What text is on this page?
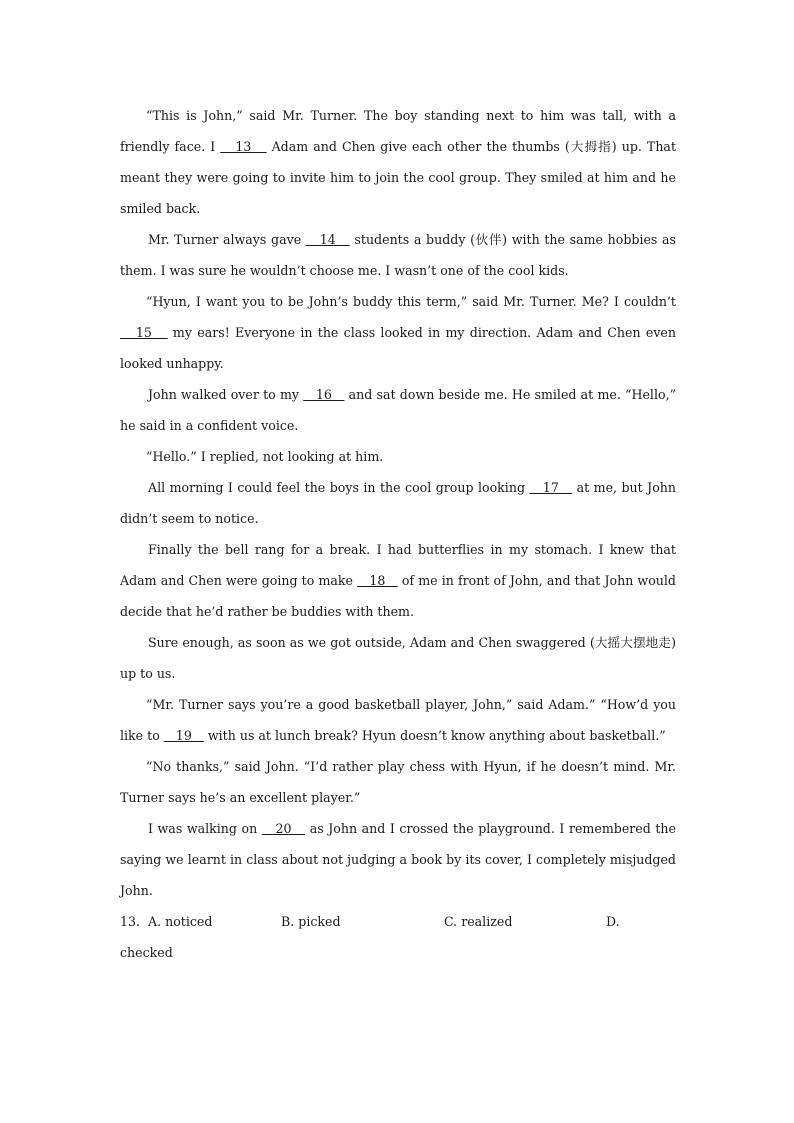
“This is John,” said Mr. Turner. The boy standing next to him was tall, with a friendly face. I    13    Adam and Chen give each other the thumbs (大拇指) up. That meant they were going to invite him to join the cool group. They smiled at him and he smiled back.

Mr. Turner always gave    14    students a buddy (伙伴) with the same hobbies as them. I was sure he wouldn’t choose me. I wasn’t one of the cool kids.

“Hyun, I want you to be John’s buddy this term,” said Mr. Turner. Me? I couldn’t    15    my ears! Everyone in the class looked in my direction. Adam and Chen even looked unhappy.

John walked over to my    16    and sat down beside me. He smiled at me. “Hello,” he said in a confident voice.

“Hello.” I replied, not looking at him.

All morning I could feel the boys in the cool group looking    17    at me, but John didn’t seem to notice.

Finally the bell rang for a break. I had butterflies in my stomach. I knew that Adam and Chen were going to make    18    of me in front of John, and that John would decide that he’d rather be buddies with them.

Sure enough, as soon as we got outside, Adam and Chen swaggered (大摇大摆地走) up to us.

“Mr. Turner says you’re a good basketball player, John,” said Adam.” “How’d you like to    19    with us at lunch break? Hyun doesn’t know anything about basketball.”

“No thanks,” said John. “I’d rather play chess with Hyun, if he doesn’t mind. Mr. Turner says he’s an excellent player.”

I was walking on    20    as John and I crossed the playground. I remembered the saying we learnt in class about not judging a book by its cover, I completely misjudged John.

13. A. noticed	B. picked	C. realized	D.

checked
